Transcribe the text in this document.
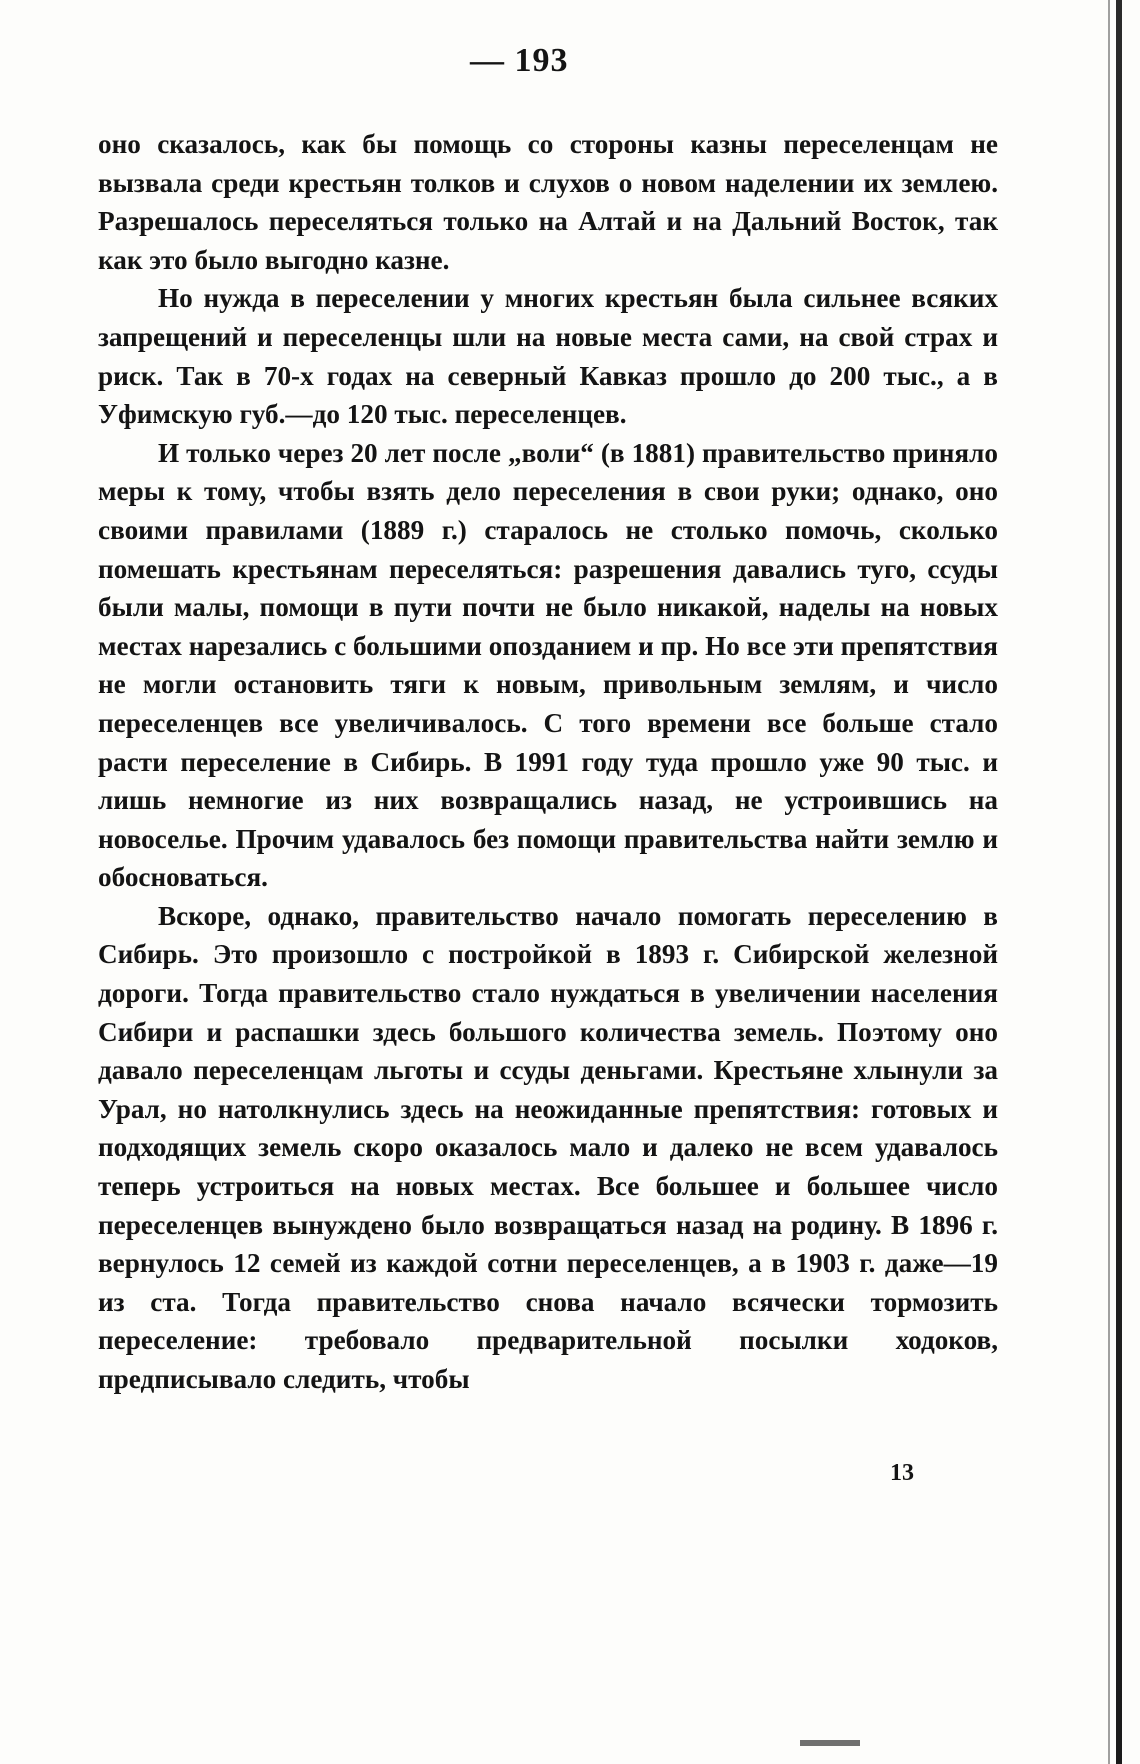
— 193

оно сказалось, как бы помощь со стороны казны переселенцам не вызвала среди крестьян толков и слухов о новом наделении их землею. Разрешалось переселяться только на Алтай и на Дальний Восток, так как это было выгодно казне.

Но нужда в переселении у многих крестьян была сильнее всяких запрещений и переселенцы шли на новые места сами, на свой страх и риск. Так в 70-х годах на северный Кавказ прошло до 200 тыс., а в Уфимскую губ.—до 120 тыс. переселенцев.

И только через 20 лет после „воли“ (в 1881) правительство приняло меры к тому, чтобы взять дело переселения в свои руки; однако, оно своими правилами (1889 г.) старалось не столько помочь, сколько помешать крестьянам переселяться: разрешения давались туго, ссуды были малы, помощи в пути почти не было никакой, наделы на новых местах нарезались с большими опозданием и пр. Но все эти препятствия не могли остановить тяги к новым, привольным землям, и число переселенцев все увеличивалось. С того времени все больше стало расти переселение в Сибирь. В 1991 году туда прошло уже 90 тыс. и лишь немногие из них возвращались назад, не устроившись на новоселье. Прочим удавалось без помощи правительства найти землю и обосноваться.

Вскоре, однако, правительство начало помогать переселению в Сибирь. Это произошло с постройкой в 1893 г. Сибирской железной дороги. Тогда правительство стало нуждаться в увеличении населения Сибири и распашки здесь большого количества земель. Поэтому оно давало переселенцам льготы и ссуды деньгами. Крестьяне хлынули за Урал, но натолкнулись здесь на неожиданные препятствия: готовых и подходящих земель скоро оказалось мало и далеко не всем удавалось теперь устроиться на новых местах. Все большее и большее число переселенцев вынуждено было возвращаться назад на родину. В 1896 г. вернулось 12 семей из каждой сотни переселенцев, а в 1903 г. даже—19 из ста. Тогда правительство снова начало всячески тормозить переселение: требовало предварительной посылки ходоков, предписывало следить, чтобы

13
